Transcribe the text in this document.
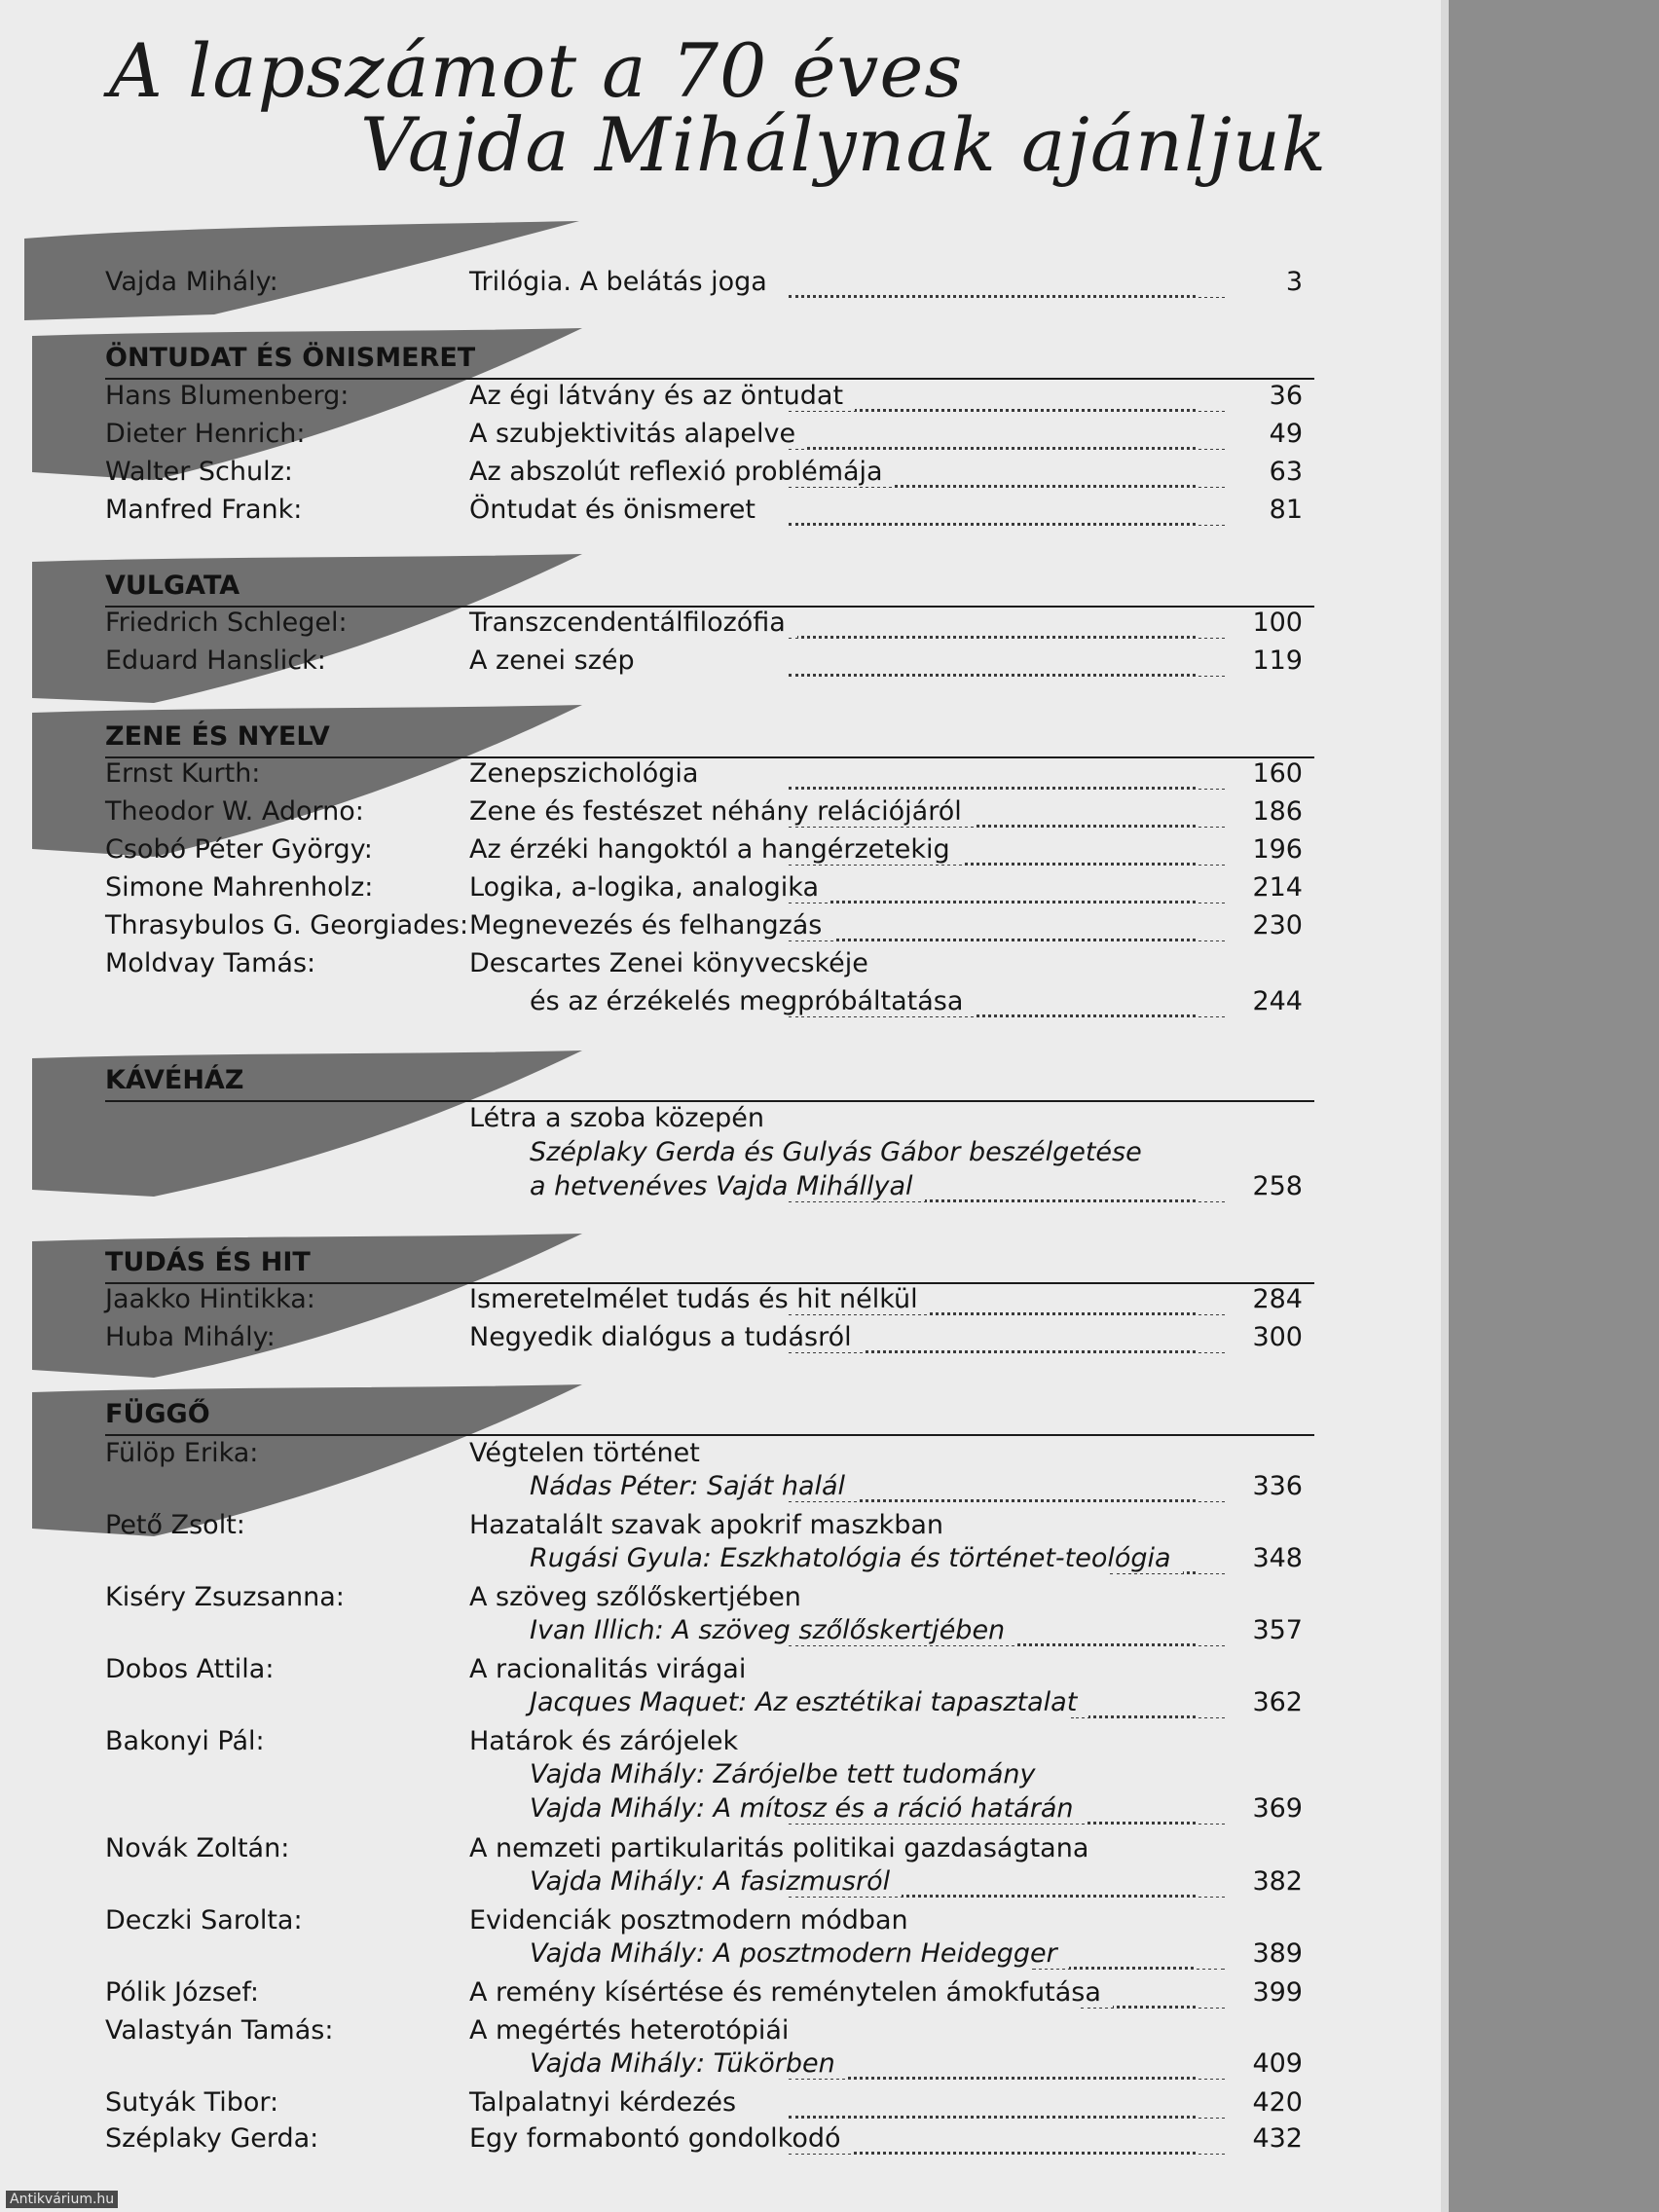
A lapszámot a 70 éves
Vajda Mihálynak ajánljuk
Vajda Mihály:	Trilógia. A belátás joga	3
ÖNTUDAT ÉS ÖNISMERET
Hans Blumenberg:	Az égi látvány és az öntudat	36
Dieter Henrich:	A szubjektivitás alapelve	49
Walter Schulz:	Az abszolút reflexió problémája	63
Manfred Frank:	Öntudat és önismeret	81
VULGATA
Friedrich Schlegel:	Transzcendentálfilozófia	100
Eduard Hanslick:	A zenei szép	119
ZENE ÉS NYELV
Ernst Kurth:	Zenepszichológia	160
Theodor W. Adorno:	Zene és festészet néhány relációjáról	186
Csobó Péter György:	Az érzéki hangoktól a hangérzetekig	196
Simone Mahrenholz:	Logika, a-logika, analogika	214
Thrasybulos G. Georgiades: Megnevezés és felhangzás	230
Moldvay Tamás:	Descartes Zenei könyvecskéje
és az érzékelés megpróbáltatása	244
KÁVÉHÁZ
Létra a szoba közepén
Széplaky Gerda és Gulyás Gábor beszélgetése
a hetvenéves Vajda Mihállyal	258
TUDÁS ÉS HIT
Jaakko Hintikka:	Ismeretelmélet tudás és hit nélkül	284
Huba Mihály:	Negyedik dialógus a tudásról	300
FÜGGŐ
Fülöp Erika:	Végtelen történet
Nádas Péter: Saját halál	336
Pető Zsolt:	Hazatalált szavak apokrif maszkban
Rugási Gyula: Eszkhatológia és történet-teológia	348
Kiséry Zsuzsanna:	A szöveg szőlőskertjében
Ivan Illich: A szöveg szőlőskertjében	357
Dobos Attila:	A racionalitás virágai
Jacques Maquet: Az esztétikai tapasztalat	362
Bakonyi Pál:	Határok és zárójelek
Vajda Mihály: Zárójelbe tett tudomány
Vajda Mihály: A mítosz és a ráció határán	369
Novák Zoltán:	A nemzeti partikularitás politikai gazdaságtana
Vajda Mihály: A fasizmusról	382
Deczki Sarolta:	Evidenciák posztmodern módban
Vajda Mihály: A posztmodern Heidegger	389
Pólik József:	A remény kísértése és reménytelen ámokfutása	399
Valastyán Tamás:	A megértés heterotópiái
Vajda Mihály: Tükörben	409
Sutyák Tibor:	Talpalatnyi kérdezés	420
Széplaky Gerda:	Egy formabontó gondolkodó	432
Antikvárium.hu
